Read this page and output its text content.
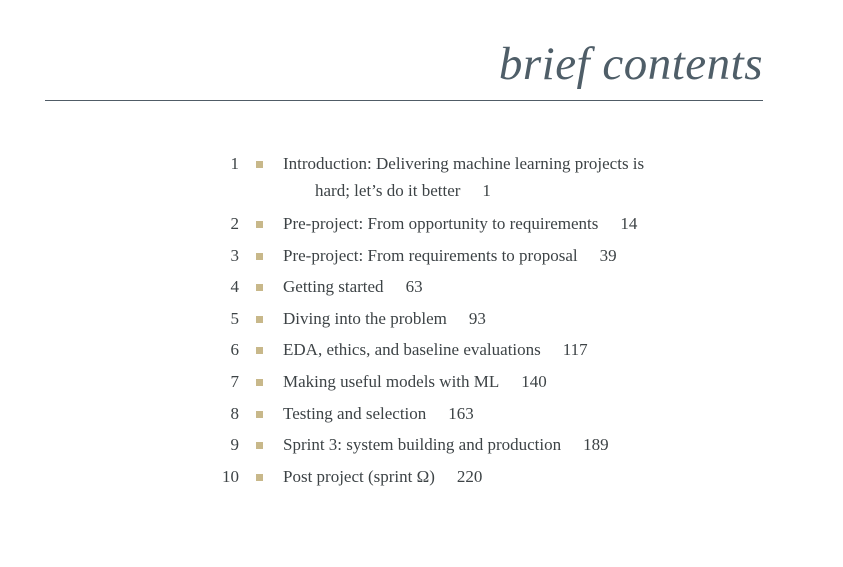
brief contents
1	Introduction: Delivering machine learning projects is
hard; let’s do it better 1
2	Pre-project: From opportunity to requirements 14
3	Pre-project: From requirements to proposal 39
4	Getting started 63
5	Diving into the problem 93
6	EDA, ethics, and baseline evaluations 117
7	Making useful models with ML 140
8	Testing and selection 163
9	Sprint 3: system building and production 189
10	Post project (sprint Ω) 220
